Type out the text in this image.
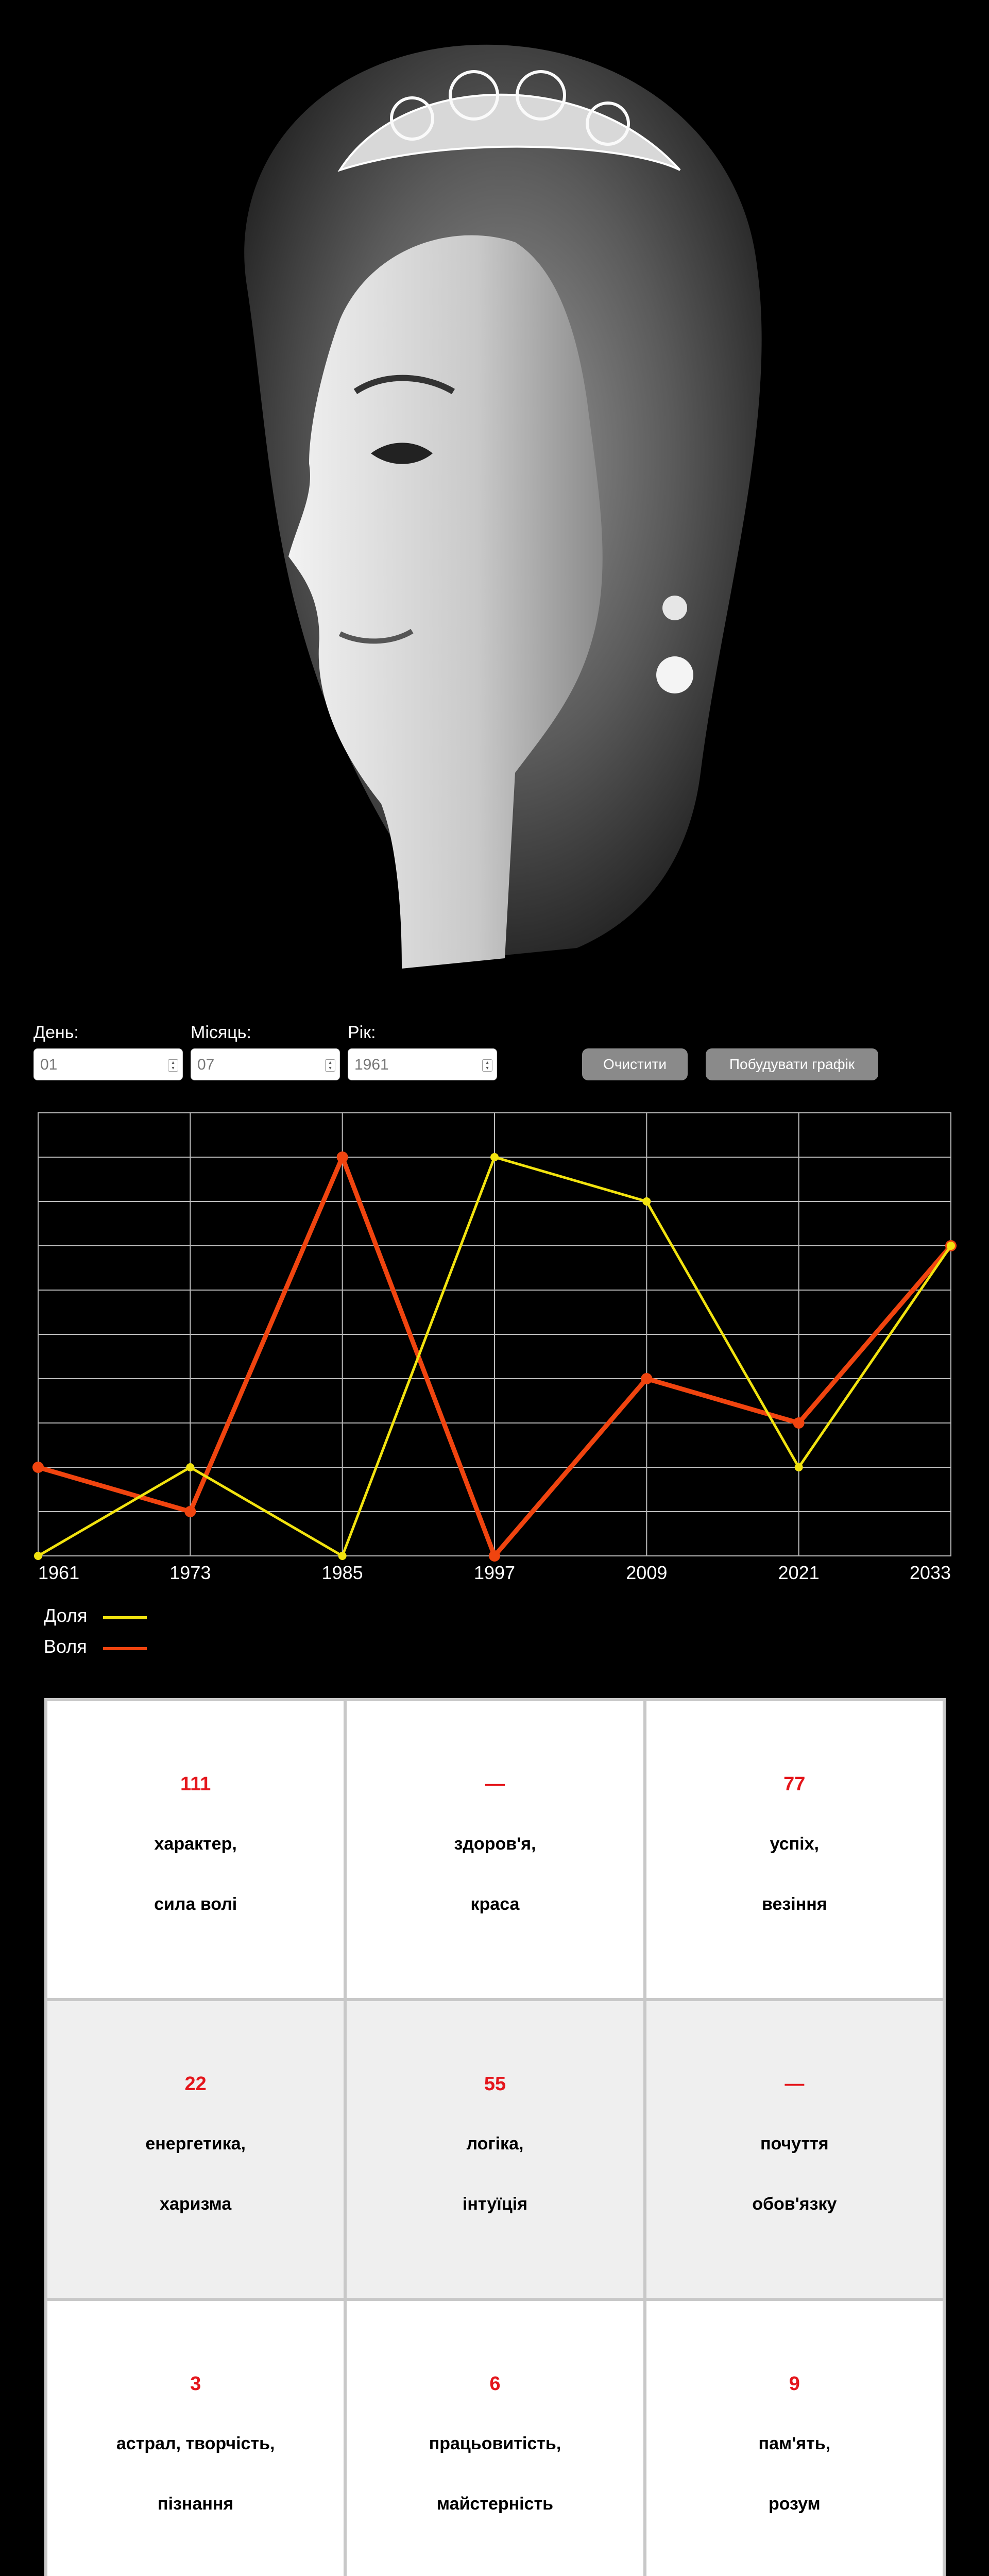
День:
01	▴
▾
Місяць:
07	▴
▾
Рік:
1961	▴
▾	Очистити	Побудувати графік
1961	1973	1985	1997	2009	2021	2033
Доля
Воля
111
характер,
сила волі
—
здоров'я,
краса
77
успіх,
везіння
22
енергетика,
харизма
55
логіка,
інтуїція
—
почуття
обов'язку
3
астрал, творчість,
пізнання
6
працьовитість,
майстерність
9
пам'ять,
розум
